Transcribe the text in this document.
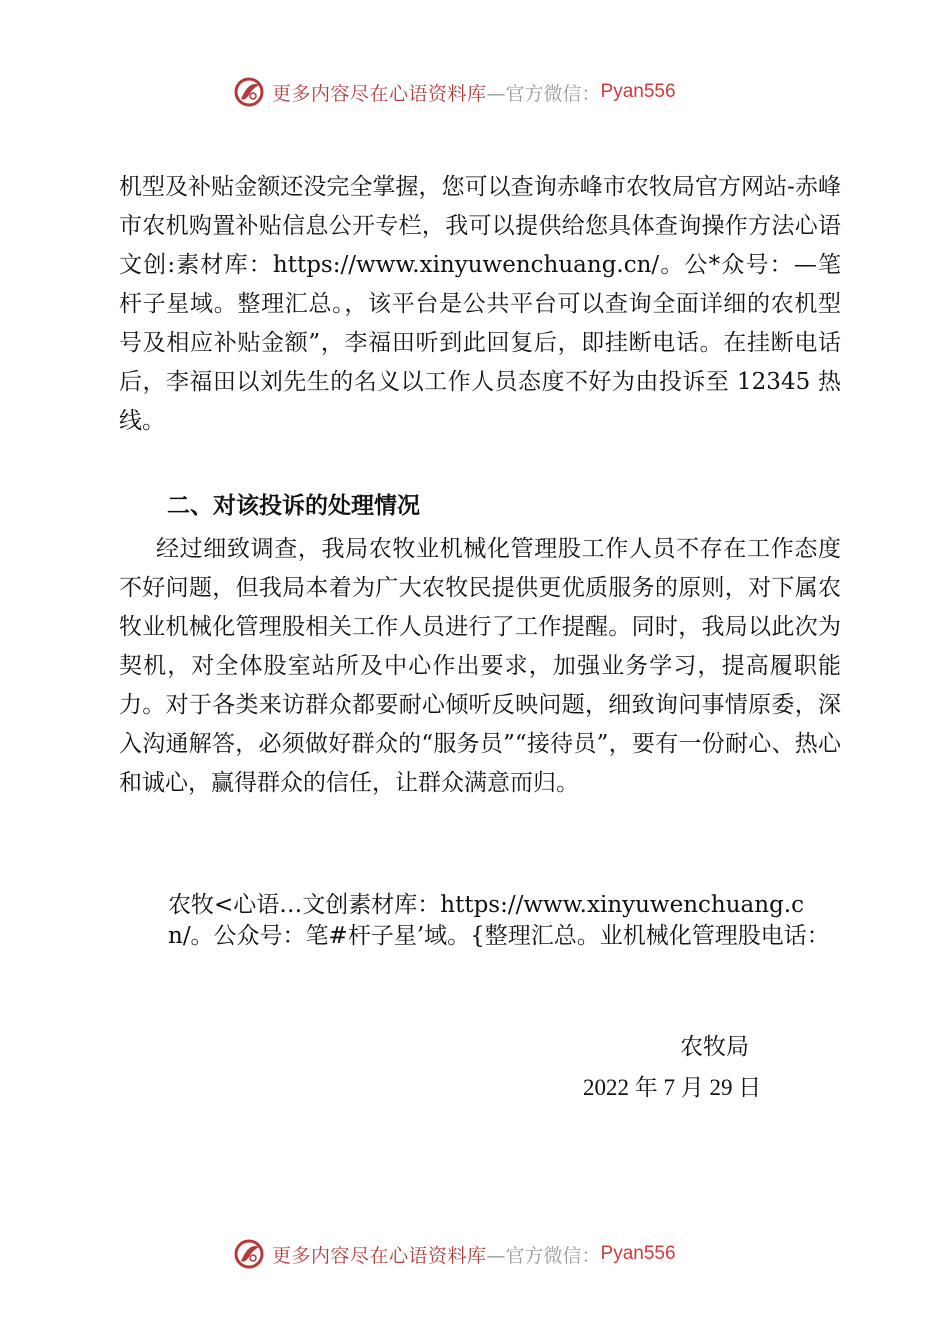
更多内容尽在心语资料库 —官方微信： Pyan556

机型及补贴金额还没完全掌握，您可以查询赤峰市农牧局官方网站-赤峰市农机购置补贴信息公开专栏，我可以提供给您具体查询操作方法心语文创:素材库：https://www.xinyuwenchuang.cn/。公*众号：—笔杆子星域。整理汇总。，该平台是公共平台可以查询全面详细的农机型号及相应补贴金额”，李福田听到此回复后，即挂断电话。在挂断电话后，李福田以刘先生的名义以工作人员态度不好为由投诉至 12345 热线。

二、对该投诉的处理情况

经过细致调查，我局农牧业机械化管理股工作人员不存在工作态度不好问题，但我局本着为广大农牧民提供更优质服务的原则，对下属农牧业机械化管理股相关工作人员进行了工作提醒。同时，我局以此次为契机，对全体股室站所及中心作出要求，加强业务学习，提高履职能力。对于各类来访群众都要耐心倾听反映问题，细致询问事情原委，深入沟通解答，必须做好群众的“服务员”“接待员”，要有一份耐心、热心和诚心，赢得群众的信任，让群众满意而归。

农牧<心语…文创素材库：https://www.xinyuwenchuang.cn/。公众号：笔#杆子星’域。{整理汇总。业机械化管理股电话：

农牧局

2022 年 7 月 29 日

更多内容尽在心语资料库 —官方微信： Pyan556
